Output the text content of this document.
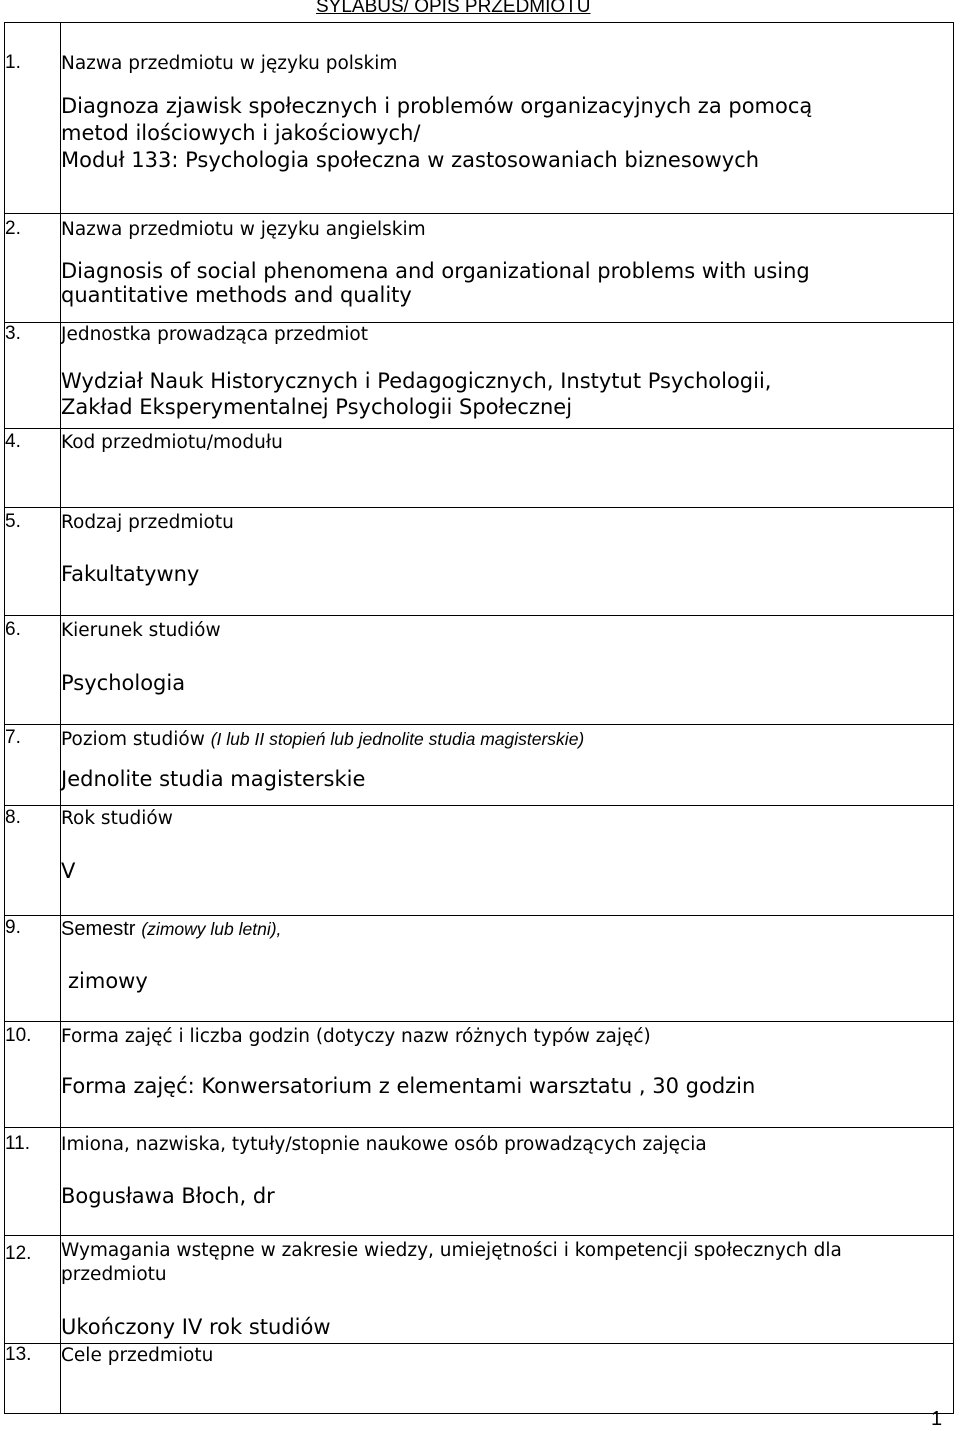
SYLABUS/ OPIS PRZEDMIOTU
1.	Nazwa przedmiotu w języku polskim
Diagnoza zjawisk społecznych i problemów organizacyjnych za pomocą
metod ilościowych i jakościowych/
Moduł 133: Psychologia społeczna w zastosowaniach biznesowych

2.	Nazwa przedmiotu w języku angielskim
Diagnosis of social phenomena and organizational problems with using
quantitative methods and quality

3.	Jednostka prowadząca przedmiot
Wydział Nauk Historycznych i Pedagogicznych, Instytut Psychologii,
Zakład Eksperymentalnej Psychologii Społecznej

4.	Kod przedmiotu/modułu

5.	Rodzaj przedmiotu
Fakultatywny

6.	Kierunek studiów
Psychologia

7.	Poziom studiów (I lub II stopień lub jednolite studia magisterskie)
Jednolite studia magisterskie

8.	Rok studiów
V

9.	Semestr (zimowy lub letni),
zimowy

10.	Forma zajęć i liczba godzin (dotyczy nazw różnych typów zajęć)
Forma zajęć: Konwersatorium z elementami warsztatu , 30 godzin

11.	Imiona, nazwiska, tytuły/stopnie naukowe osób prowadzących zajęcia
Bogusława Błoch, dr

12.	Wymagania wstępne w zakresie wiedzy, umiejętności i kompetencji społecznych dla
przedmiotu
Ukończony IV rok studiów

13.	Cele przedmiotu
1
